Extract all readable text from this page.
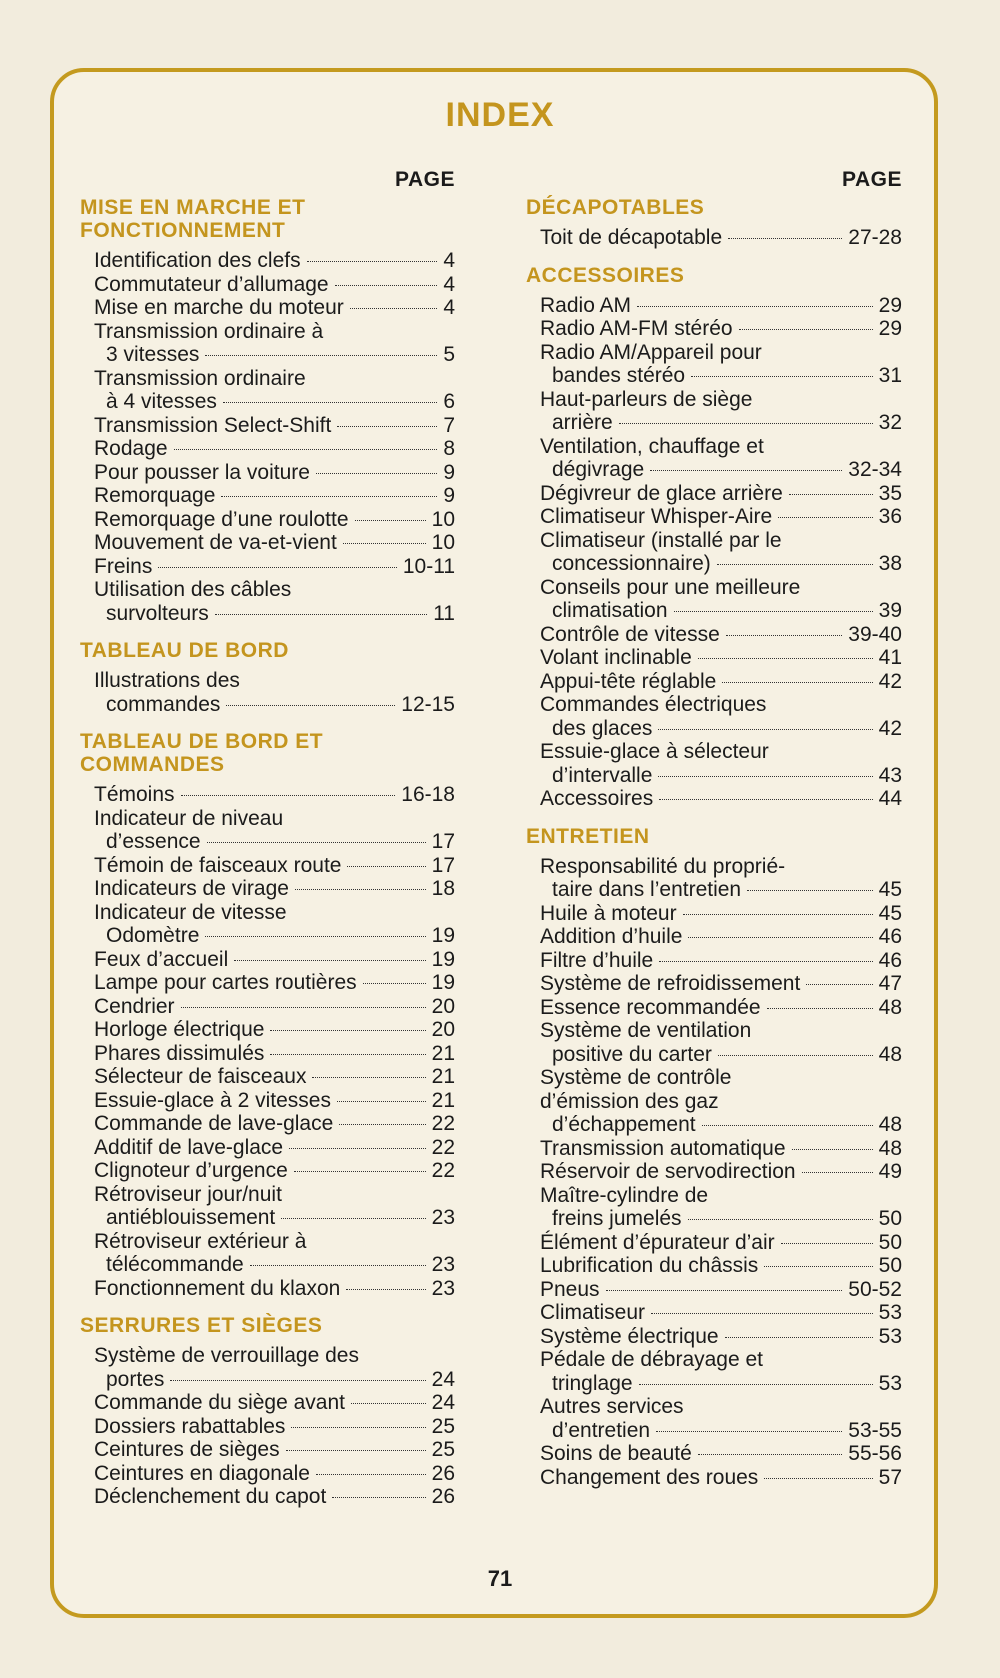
INDEX
PAGE
MISE EN MARCHE ET FONCTIONNEMENT
Identification des clefs	4
Commutateur d’allumage	4
Mise en marche du moteur	4
Transmission ordinaire à
3 vitesses	5
Transmission ordinaire
à 4 vitesses	6
Transmission Select-Shift	7
Rodage	8
Pour pousser la voiture	9
Remorquage	9
Remorquage d’une roulotte	10
Mouvement de va-et-vient	10
Freins	10-11
Utilisation des câbles
survolteurs	11
TABLEAU DE BORD
Illustrations des
commandes	12-15
TABLEAU DE BORD ET COMMANDES
Témoins	16-18
Indicateur de niveau
d’essence	17
Témoin de faisceaux route	17
Indicateurs de virage	18
Indicateur de vitesse
Odomètre	19
Feux d’accueil	19
Lampe pour cartes routières	19
Cendrier	20
Horloge électrique	20
Phares dissimulés	21
Sélecteur de faisceaux	21
Essuie-glace à 2 vitesses	21
Commande de lave-glace	22
Additif de lave-glace	22
Clignoteur d’urgence	22
Rétroviseur jour/nuit
antiéblouissement	23
Rétroviseur extérieur à
télécommande	23
Fonctionnement du klaxon	23
SERRURES ET SIÈGES
Système de verrouillage des
portes	24
Commande du siège avant	24
Dossiers rabattables	25
Ceintures de sièges	25
Ceintures en diagonale	26
Déclenchement du capot	26
PAGE
DÉCAPOTABLES
Toit de décapotable	27-28
ACCESSOIRES
Radio AM	29
Radio AM-FM stéréo	29
Radio AM/Appareil pour
bandes stéréo	31
Haut-parleurs de siège
arrière	32
Ventilation, chauffage et
dégivrage	32-34
Dégivreur de glace arrière	35
Climatiseur Whisper-Aire	36
Climatiseur (installé par le
concessionnaire)	38
Conseils pour une meilleure
climatisation	39
Contrôle de vitesse	39-40
Volant inclinable	41
Appui-tête réglable	42
Commandes électriques
des glaces	42
Essuie-glace à sélecteur
d’intervalle	43
Accessoires	44
ENTRETIEN
Responsabilité du proprié-
taire dans l’entretien	45
Huile à moteur	45
Addition d’huile	46
Filtre d’huile	46
Système de refroidissement	47
Essence recommandée	48
Système de ventilation
positive du carter	48
Système de contrôle
d’émission des gaz
d’échappement	48
Transmission automatique	48
Réservoir de servodirection	49
Maître-cylindre de
freins jumelés	50
Élément d’épurateur d’air	50
Lubrification du châssis	50
Pneus	50-52
Climatiseur	53
Système électrique	53
Pédale de débrayage et
tringlage	53
Autres services
d’entretien	53-55
Soins de beauté	55-56
Changement des roues	57
71
